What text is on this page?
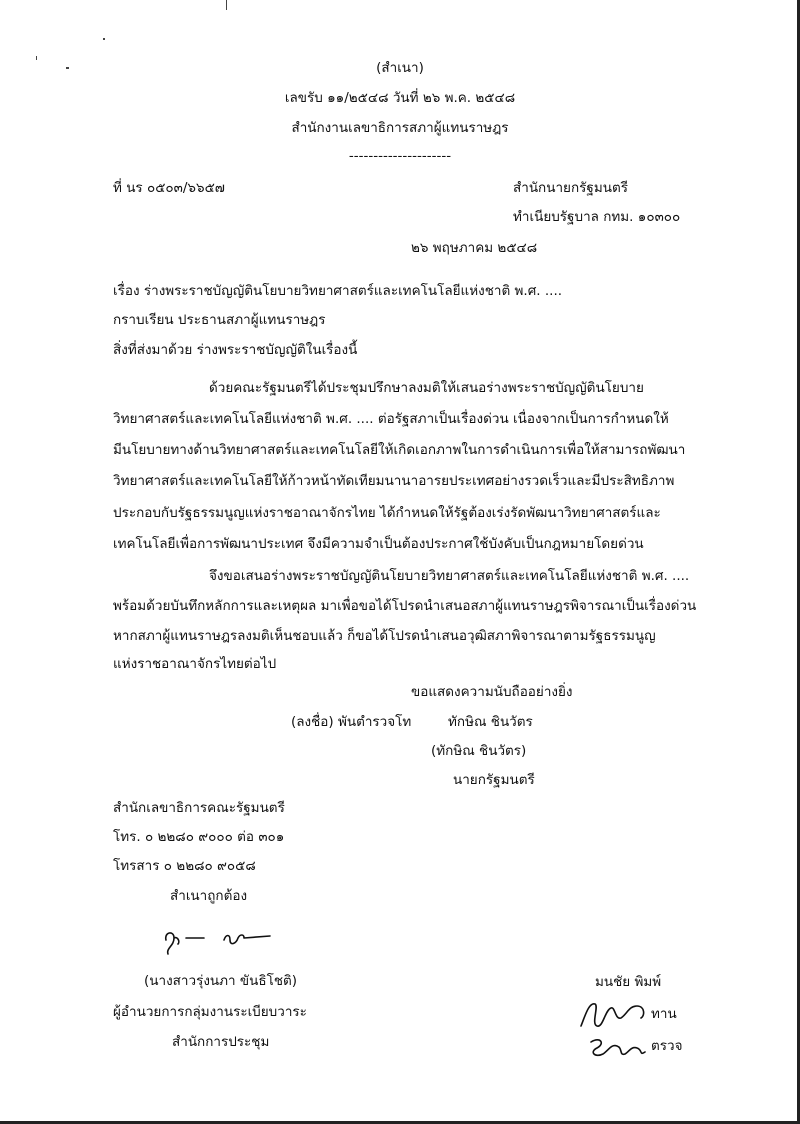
(สำเนา)
เลขรับ ๑๑/๒๕๔๘ วันที่ ๒๖ พ.ค. ๒๕๔๘
สำนักงานเลขาธิการสภาผู้แทนราษฎร
---------------------
ที่ นร ๐๕๐๓/๖๖๕๗	สำนักนายกรัฐมนตรี
ทำเนียบรัฐบาล กทม. ๑๐๓๐๐
๒๖ พฤษภาคม ๒๕๔๘
เรื่อง ร่างพระราชบัญญัตินโยบายวิทยาศาสตร์และเทคโนโลยีแห่งชาติ พ.ศ. ....
กราบเรียน ประธานสภาผู้แทนราษฎร
สิ่งที่ส่งมาด้วย ร่างพระราชบัญญัติในเรื่องนี้
ด้วยคณะรัฐมนตรีได้ประชุมปรึกษาลงมติให้เสนอร่างพระราชบัญญัตินโยบาย
วิทยาศาสตร์และเทคโนโลยีแห่งชาติ พ.ศ. .... ต่อรัฐสภาเป็นเรื่องด่วน เนื่องจากเป็นการกำหนดให้
มีนโยบายทางด้านวิทยาศาสตร์และเทคโนโลยีให้เกิดเอกภาพในการดำเนินการเพื่อให้สามารถพัฒนา
วิทยาศาสตร์และเทคโนโลยีให้ก้าวหน้าทัดเทียมนานาอารยประเทศอย่างรวดเร็วและมีประสิทธิภาพ
ประกอบกับรัฐธรรมนูญแห่งราชอาณาจักรไทย ได้กำหนดให้รัฐต้องเร่งรัดพัฒนาวิทยาศาสตร์และ
เทคโนโลยีเพื่อการพัฒนาประเทศ จึงมีความจำเป็นต้องประกาศใช้บังคับเป็นกฎหมายโดยด่วน
จึงขอเสนอร่างพระราชบัญญัตินโยบายวิทยาศาสตร์และเทคโนโลยีแห่งชาติ พ.ศ. ....
พร้อมด้วยบันทึกหลักการและเหตุผล มาเพื่อขอได้โปรดนำเสนอสภาผู้แทนราษฎรพิจารณาเป็นเรื่องด่วน
หากสภาผู้แทนราษฎรลงมติเห็นชอบแล้ว ก็ขอได้โปรดนำเสนอวุฒิสภาพิจารณาตามรัฐธรรมนูญ
แห่งราชอาณาจักรไทยต่อไป
ขอแสดงความนับถืออย่างยิ่ง
(ลงชื่อ) พันตำรวจโท	ทักษิณ ชินวัตร
(ทักษิณ ชินวัตร)
นายกรัฐมนตรี
สำนักเลขาธิการคณะรัฐมนตรี
โทร. ๐ ๒๒๘๐ ๙๐๐๐ ต่อ ๓๐๑
โทรสาร ๐ ๒๒๘๐ ๙๐๕๘
สำเนาถูกต้อง
(นางสาวรุ่งนภา ขันธิโชติ)
ผู้อำนวยการกลุ่มงานระเบียบวาระ
สำนักการประชุม
มนชัย พิมพ์
ทาน
ตรวจ
